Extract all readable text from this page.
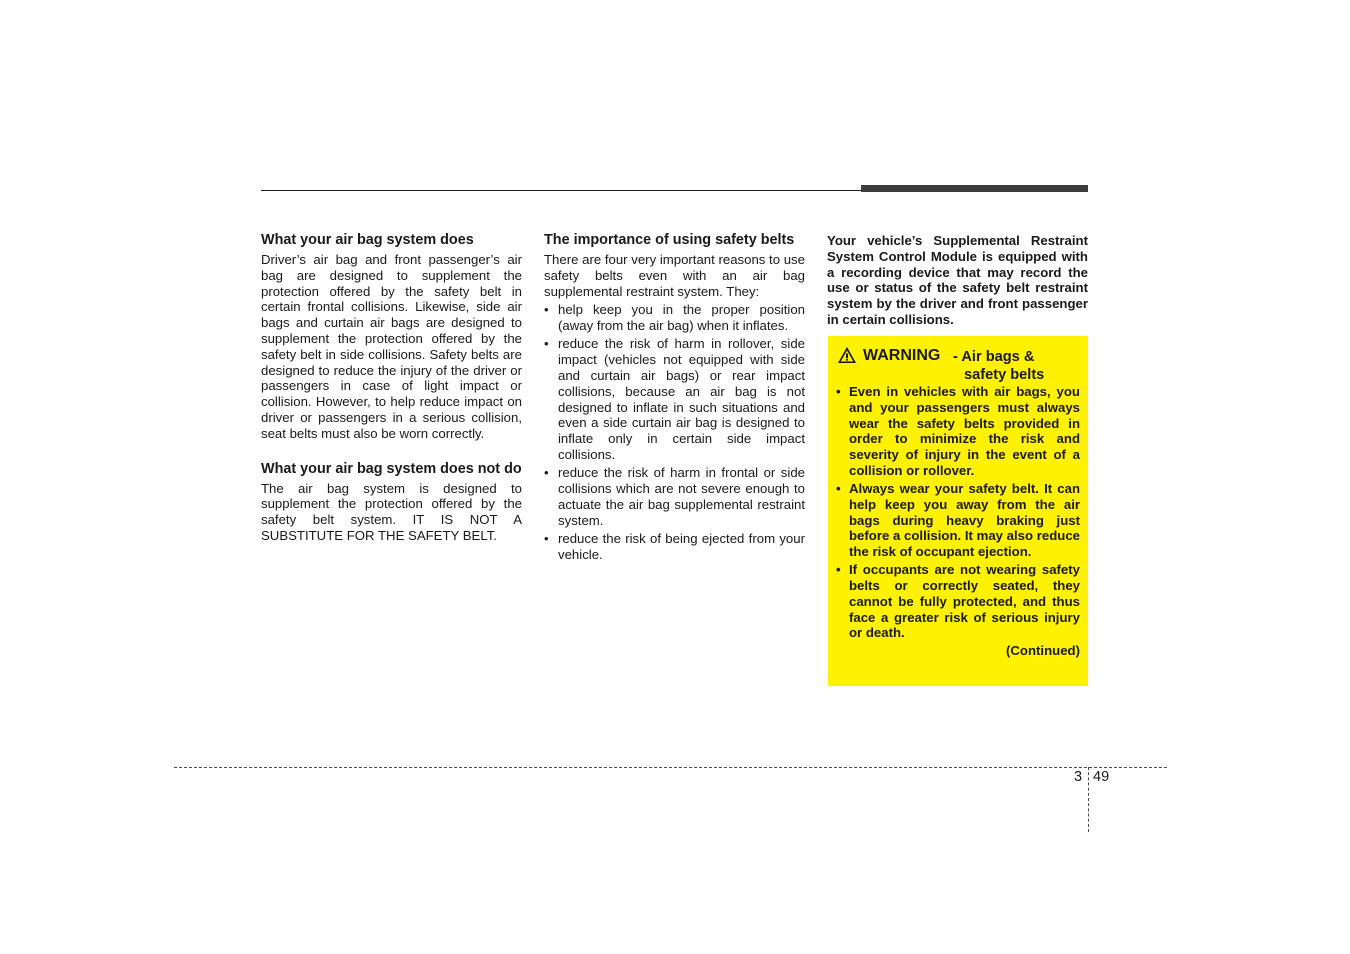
What your air bag system does

Driver’s air bag and front passenger’s air bag are designed to supplement the protection offered by the safety belt in certain frontal collisions. Likewise, side air bags and curtain air bags are designed to supplement the protection offered by the safety belt in side collisions. Safety belts are designed to reduce the injury of the driver or passengers in case of light impact or collision. However, to help reduce impact on driver or passengers in a serious collision, seat belts must also be worn correctly.

What your air bag system does not do

The air bag system is designed to supplement the protection offered by the safety belt system. IT IS NOT A SUBSTITUTE FOR THE SAFETY BELT.

The importance of using safety belts

There are four very important reasons to use safety belts even with an air bag supplemental restraint system. They:

• help keep you in the proper position (away from the air bag) when it inflates.
• reduce the risk of harm in rollover, side impact (vehicles not equipped with side and curtain air bags) or rear impact collisions, because an air bag is not designed to inflate in such situations and even a side curtain air bag is designed to inflate only in certain side impact collisions.
• reduce the risk of harm in frontal or side collisions which are not severe enough to actuate the air bag supplemental restraint system.
• reduce the risk of being ejected from your vehicle.

Your vehicle’s Supplemental Restraint System Control Module is equipped with a recording device that may record the use or status of the safety belt restraint system by the driver and front passenger in certain collisions.

WARNING - Air bags &
safety belts
• Even in vehicles with air bags, you and your passengers must always wear the safety belts provided in order to minimize the risk and severity of injury in the event of a collision or rollover.
• Always wear your safety belt. It can help keep you away from the air bags during heavy braking just before a collision. It may also reduce the risk of occupant ejection.
• If occupants are not wearing safety belts or correctly seated, they cannot be fully protected, and thus face a greater risk of serious injury or death.
(Continued)
3 49
